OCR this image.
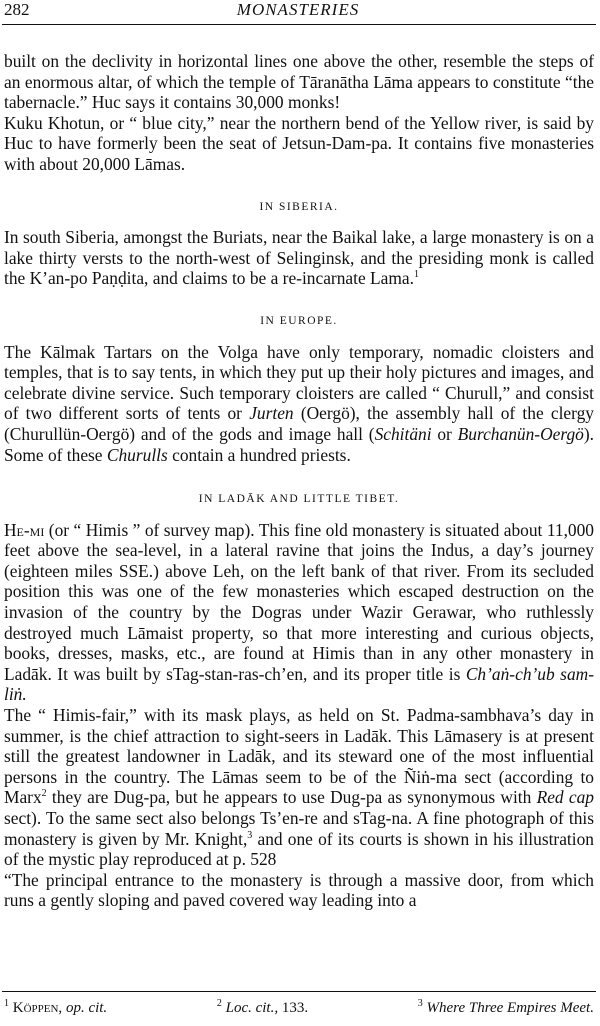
282	MONASTERIES

built on the declivity in horizontal lines one above the other, resemble the steps of an enormous altar, of which the temple of Tāranātha Lāma appears to constitute “the tabernacle.” Huc says it contains 30,000 monks!

Kuku Khotun, or “ blue city,” near the northern bend of the Yellow river, is said by Huc to have formerly been the seat of Jetsun-Dam-pa. It contains five monasteries with about 20,000 Lāmas.

IN SIBERIA.

In south Siberia, amongst the Buriats, near the Baikal lake, a large monastery is on a lake thirty versts to the north-west of Selinginsk, and the presiding monk is called the K’an-po Paṇḍita, and claims to be a re-incarnate Lama.$^1$

IN EUROPE.

The Kālmak Tartars on the Volga have only temporary, nomadic cloisters and temples, that is to say tents, in which they put up their holy pictures and images, and celebrate divine service. Such temporary cloisters are called “ Churull,” and consist of two different sorts of tents or Jurten (Oergö), the assembly hall of the clergy (Churullün-Oergö) and of the gods and image hall (Schitäni or Burchanün-Oergö). Some of these Churulls contain a hundred priests.

IN LADĀK AND LITTLE TIBET.

He-mi (or “ Himis ” of survey map). This fine old monastery is situated about 11,000 feet above the sea-level, in a lateral ravine that joins the Indus, a day’s journey (eighteen miles SSE.) above Leh, on the left bank of that river. From its secluded position this was one of the few monasteries which escaped destruction on the invasion of the country by the Dogras under Wazir Gerawar, who ruthlessly destroyed much Lāmaist property, so that more interesting and curious objects, books, dresses, masks, etc., are found at Himis than in any other monastery in Ladāk. It was built by sTag-stan-ras-ch’en, and its proper title is Ch’aṅ-ch’ub sam-liṅ.

The “ Himis-fair,” with its mask plays, as held on St. Padma-sambhava’s day in summer, is the chief attraction to sight-seers in Ladāk. This Lāmasery is at present still the greatest landowner in Ladāk, and its steward one of the most influential persons in the country. The Lāmas seem to be of the Ñiṅ-ma sect (according to Marx$^2$ they are Dug-pa, but he appears to use Dug-pa as synonymous with Red cap sect). To the same sect also belongs Ts’en-re and sTag-na. A fine photograph of this monastery is given by Mr. Knight,$^3$ and one of its courts is shown in his illustration of the mystic play reproduced at p. 528

“The principal entrance to the monastery is through a massive door, from which runs a gently sloping and paved covered way leading into a

$^1$ Köppen, op. cit.	$^2$ Loc. cit., 133.	$^3$ Where Three Empires Meet.
